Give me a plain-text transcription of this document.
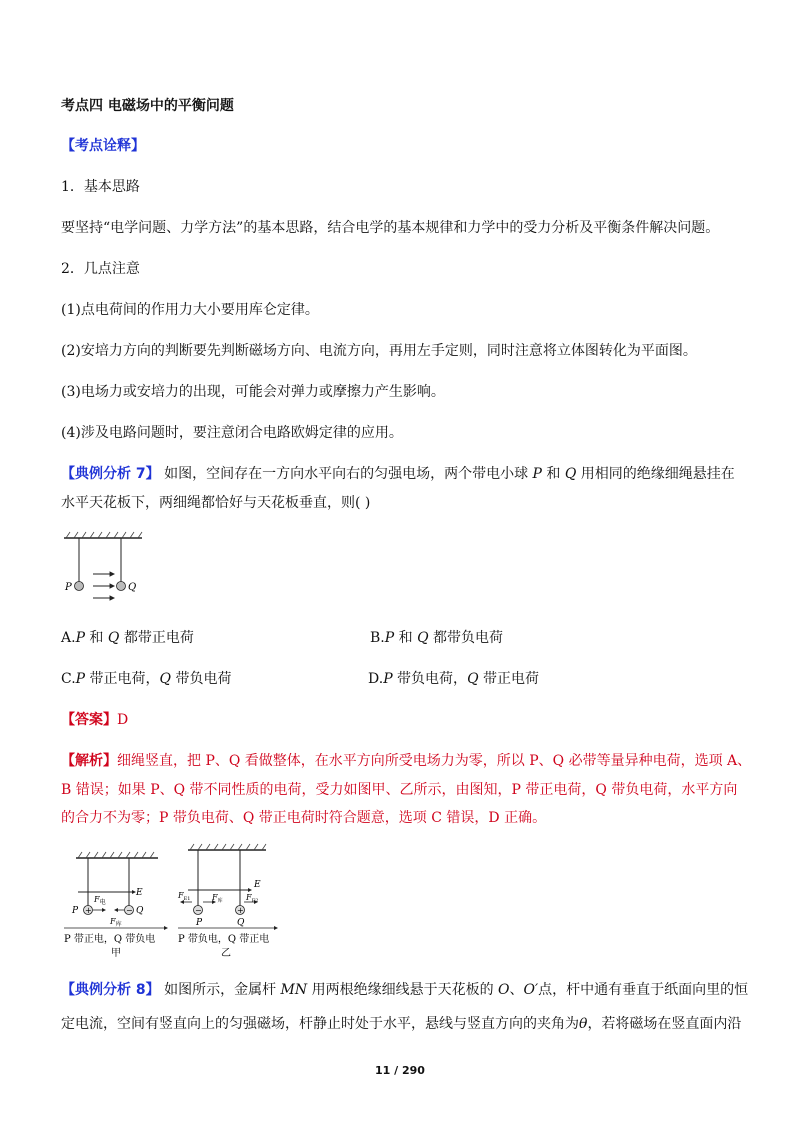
考点四 电磁场中的平衡问题
【考点诠释】
1．基本思路
要坚持“电学问题、力学方法”的基本思路，结合电学的基本规律和力学中的受力分析及平衡条件解决问题。
2．几点注意
(1)点电荷间的作用力大小要用库仑定律。
(2)安培力方向的判断要先判断磁场方向、电流方向，再用左手定则，同时注意将立体图转化为平面图。
(3)电场力或安培力的出现，可能会对弹力或摩擦力产生影响。
(4)涉及电路问题时，要注意闭合电路欧姆定律的应用。
【典例分析 7】 如图，空间存在一方向水平向右的匀强电场，两个带电小球 P 和 Q 用相同的绝缘细绳悬挂在
水平天花板下，两细绳都恰好与天花板垂直，则( )
P	Q
A.P 和 Q 都带正电荷	B.P 和 Q 都带负电荷
C.P 带正电荷，Q 带负电荷	D.P 带负电荷，Q 带正电荷
【答案】D
【解析】细绳竖直，把 P、Q 看做整体，在水平方向所受电场力为零，所以 P、Q 必带等量异种电荷，选项 A、
B 错误；如果 P、Q 带不同性质的电荷，受力如图甲、乙所示，由图知，P 带正电荷，Q 带负电荷，水平方向
的合力不为零；P 带负电荷、Q 带正电荷时符合题意，选项 C 错误，D 正确。
+	−
P	Q
E
$F_电$
$F_库$
P 带正电，Q 带负电
甲
−	+
$F_{E1}$	$F_库$	$F_{E2}$
E
P	Q
P 带负电，Q 带正电
乙
【典例分析 8】 如图所示，金属杆 MN 用两根绝缘细线悬于天花板的 O、O′点，杆中通有垂直于纸面向里的恒
定电流，空间有竖直向上的匀强磁场，杆静止时处于水平，悬线与竖直方向的夹角为θ，若将磁场在竖直面内沿
11 / 290
